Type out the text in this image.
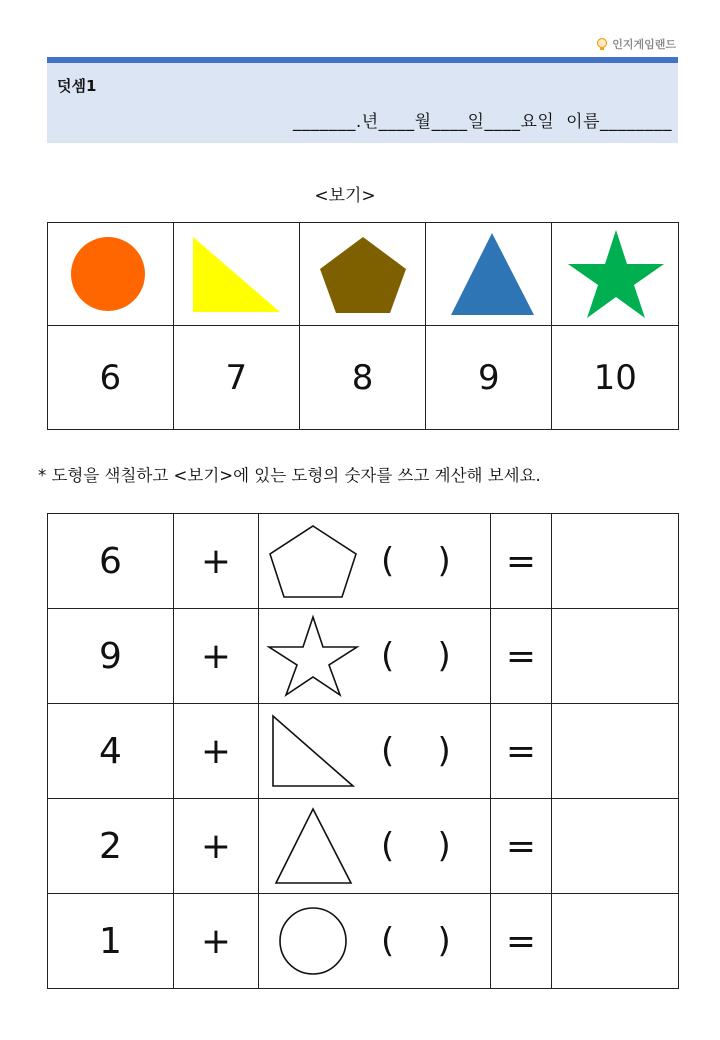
인지게임랜드
덧셈1
_______.년____월____일____요일  이름________
<보기>

6	7	8	9	10
* 도형을 색칠하고 <보기>에 있는 도형의 숫자를 쓰고 계산해 보세요.
6	+	(    )	=	
9	+	(    )	=	
4	+	(    )	=	
2	+	(    )	=	
1	+	(    )	=	
